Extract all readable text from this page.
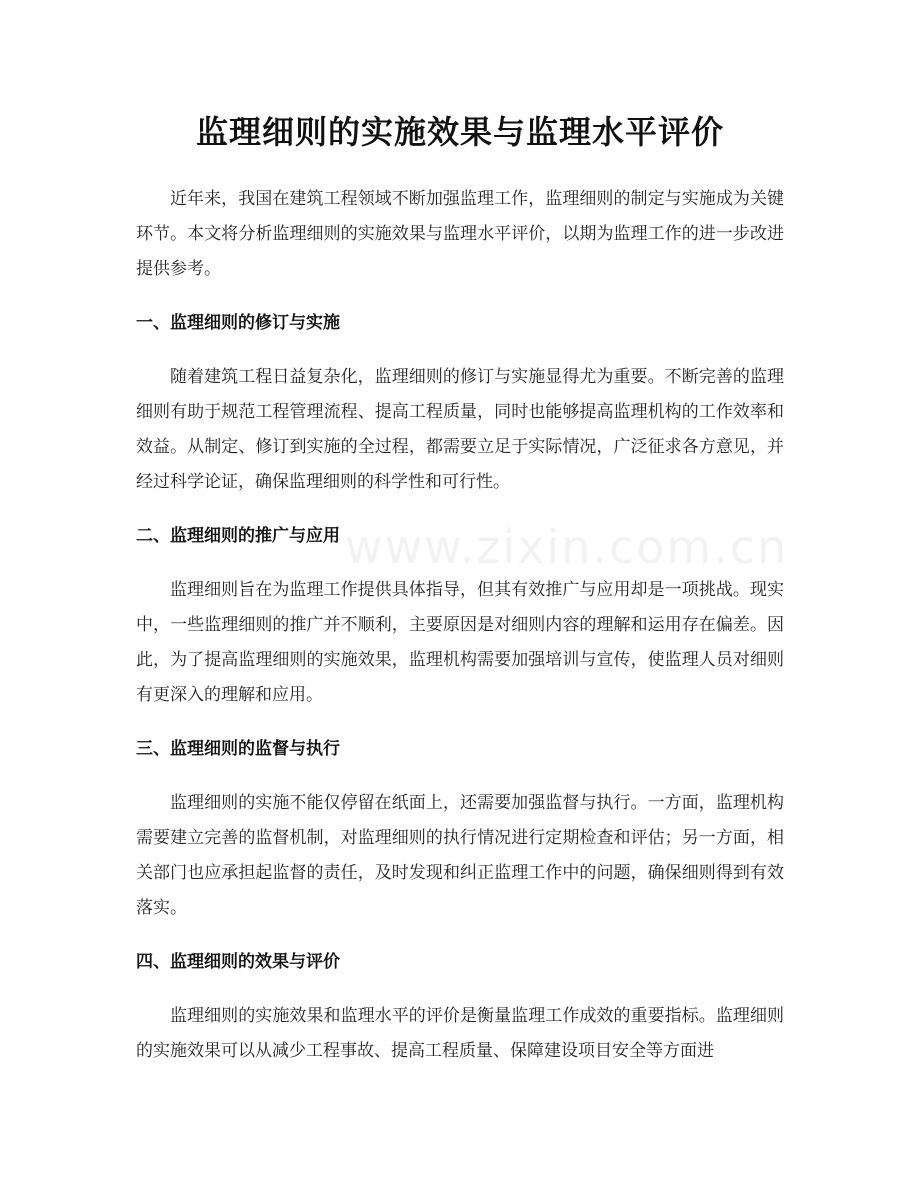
www.zixin.com.cn
监理细则的实施效果与监理水平评价

近年来，我国在建筑工程领域不断加强监理工作，监理细则的制定与实施成为关键环节。本文将分析监理细则的实施效果与监理水平评价，以期为监理工作的进一步改进提供参考。

一、监理细则的修订与实施

随着建筑工程日益复杂化，监理细则的修订与实施显得尤为重要。不断完善的监理细则有助于规范工程管理流程、提高工程质量，同时也能够提高监理机构的工作效率和效益。从制定、修订到实施的全过程，都需要立足于实际情况，广泛征求各方意见，并经过科学论证，确保监理细则的科学性和可行性。

二、监理细则的推广与应用

监理细则旨在为监理工作提供具体指导，但其有效推广与应用却是一项挑战。现实中，一些监理细则的推广并不顺利，主要原因是对细则内容的理解和运用存在偏差。因此，为了提高监理细则的实施效果，监理机构需要加强培训与宣传，使监理人员对细则有更深入的理解和应用。

三、监理细则的监督与执行

监理细则的实施不能仅停留在纸面上，还需要加强监督与执行。一方面，监理机构需要建立完善的监督机制，对监理细则的执行情况进行定期检查和评估；另一方面，相关部门也应承担起监督的责任，及时发现和纠正监理工作中的问题，确保细则得到有效落实。

四、监理细则的效果与评价

监理细则的实施效果和监理水平的评价是衡量监理工作成效的重要指标。监理细则的实施效果可以从减少工程事故、提高工程质量、保障建设项目安全等方面进
